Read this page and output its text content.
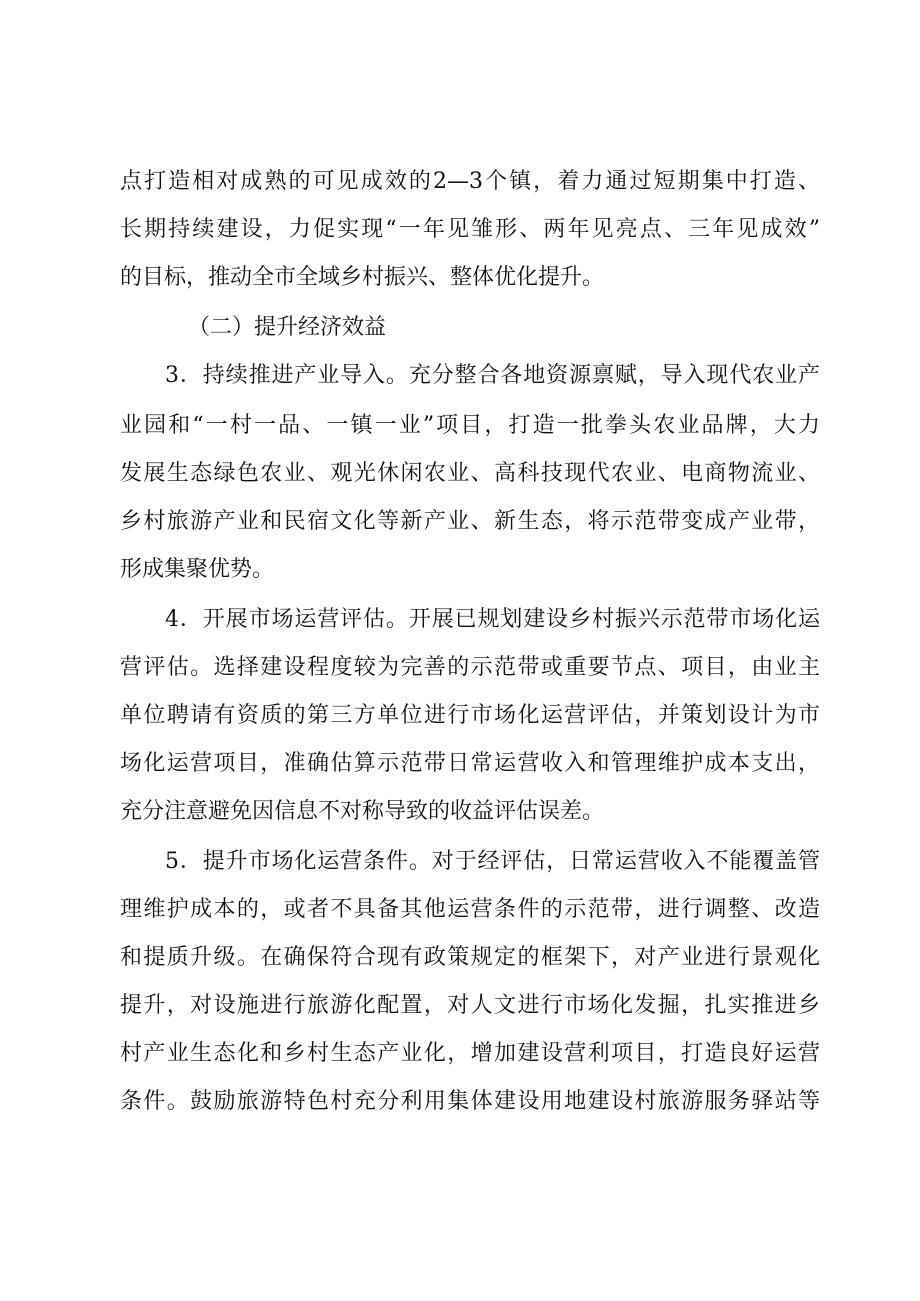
点打造相对成熟的可见成效的2—3个镇，着力通过短期集中打造、
长期持续建设，力促实现“一年见雏形、两年见亮点、三年见成效”
的目标，推动全市全域乡村振兴、整体优化提升。
（二）提升经济效益
3．持续推进产业导入。充分整合各地资源禀赋，导入现代农业产
业园和“一村一品、一镇一业”项目，打造一批拳头农业品牌，大力
发展生态绿色农业、观光休闲农业、高科技现代农业、电商物流业、
乡村旅游产业和民宿文化等新产业、新生态，将示范带变成产业带，
形成集聚优势。
4．开展市场运营评估。开展已规划建设乡村振兴示范带市场化运
营评估。选择建设程度较为完善的示范带或重要节点、项目，由业主
单位聘请有资质的第三方单位进行市场化运营评估，并策划设计为市
场化运营项目，准确估算示范带日常运营收入和管理维护成本支出，
充分注意避免因信息不对称导致的收益评估误差。
5．提升市场化运营条件。对于经评估，日常运营收入不能覆盖管
理维护成本的，或者不具备其他运营条件的示范带，进行调整、改造
和提质升级。在确保符合现有政策规定的框架下，对产业进行景观化
提升，对设施进行旅游化配置，对人文进行市场化发掘，扎实推进乡
村产业生态化和乡村生态产业化，增加建设营利项目，打造良好运营
条件。鼓励旅游特色村充分利用集体建设用地建设村旅游服务驿站等
